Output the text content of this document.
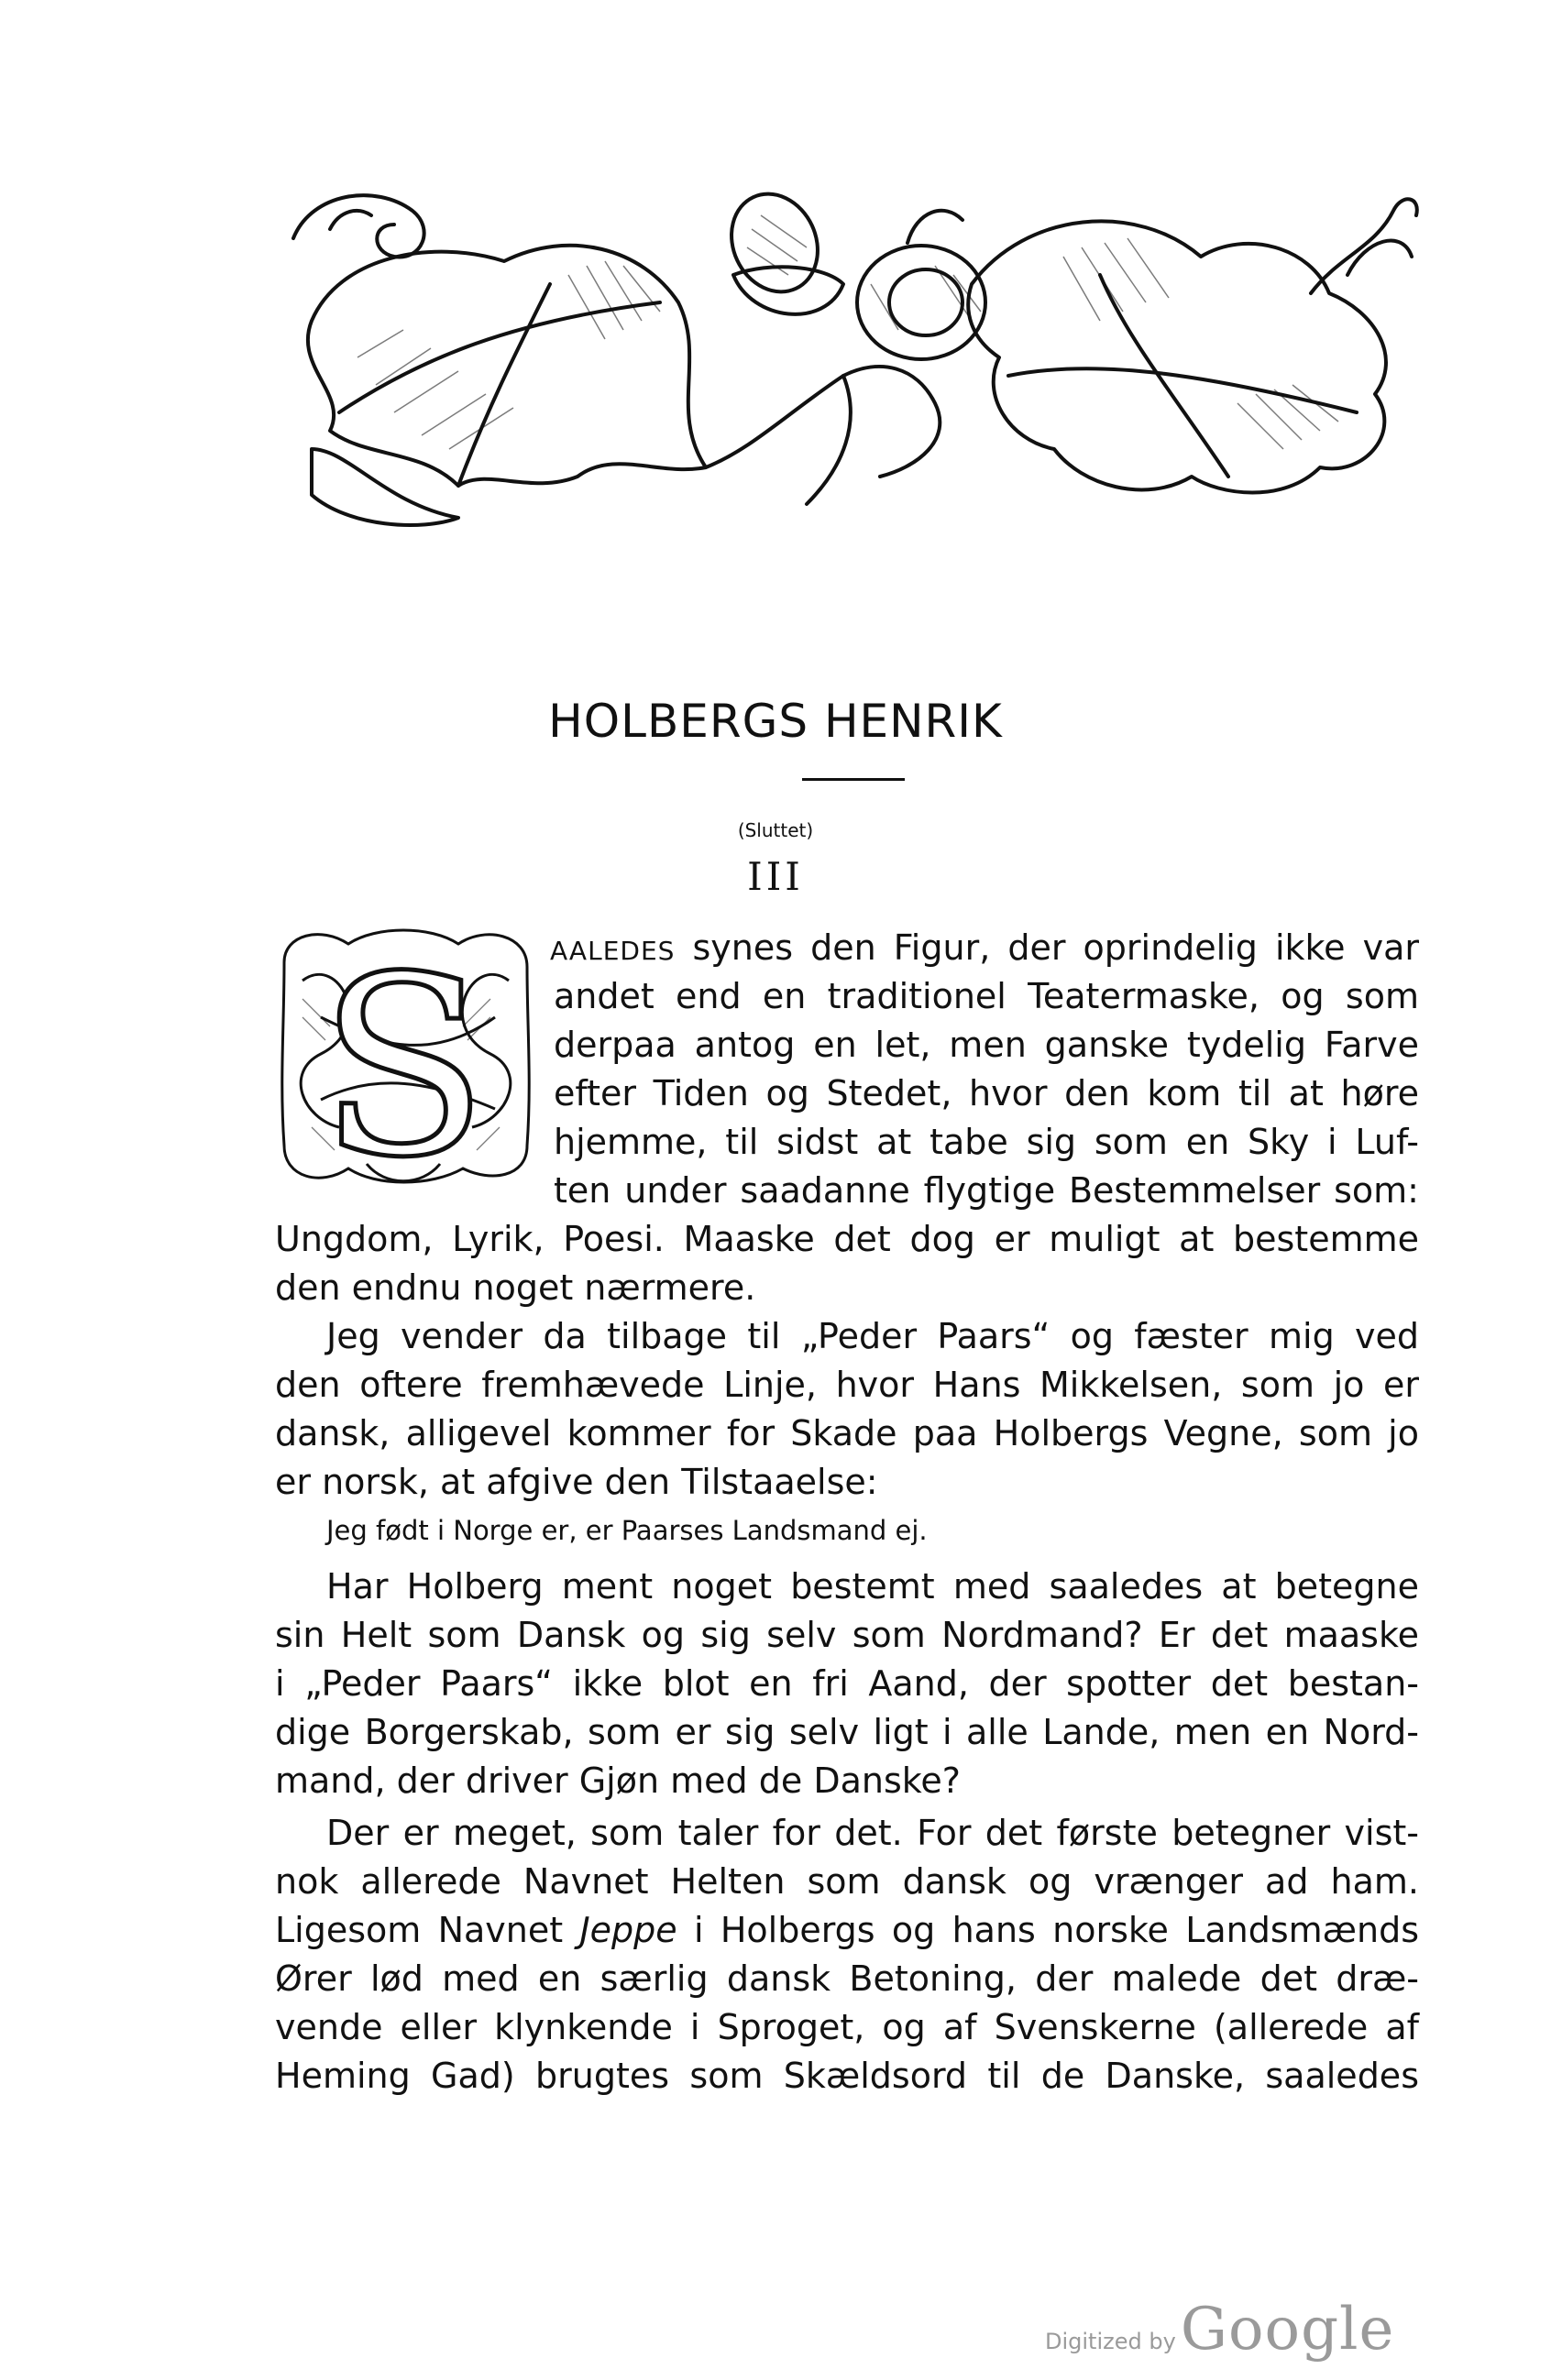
HOLBERGS HENRIK
(Sluttet)
III
S AALEDES synes den Figur, der oprindelig ikke var
andet end en traditionel Teatermaske, og som
derpaa antog en let, men ganske tydelig Farve
efter Tiden og Stedet, hvor den kom til at høre
hjemme, til sidst at tabe sig som en Sky i Luf-
ten under saadanne flygtige Bestemmelser som:
Ungdom, Lyrik, Poesi. Maaske det dog er muligt at bestemme
den endnu noget nærmere.
Jeg vender da tilbage til „Peder Paars“ og fæster mig ved
den oftere fremhævede Linje, hvor Hans Mikkelsen, som jo er
dansk, alligevel kommer for Skade paa Holbergs Vegne, som jo
er norsk, at afgive den Tilstaaelse:
Jeg født i Norge er, er Paarses Landsmand ej.
Har Holberg ment noget bestemt med saaledes at betegne
sin Helt som Dansk og sig selv som Nordmand? Er det maaske
i „Peder Paars“ ikke blot en fri Aand, der spotter det bestan-
dige Borgerskab, som er sig selv ligt i alle Lande, men en Nord-
mand, der driver Gjøn med de Danske?
Der er meget, som taler for det. For det første betegner vist-
nok allerede Navnet Helten som dansk og vrænger ad ham.
Ligesom Navnet Jeppe i Holbergs og hans norske Landsmænds
Ører lød med en særlig dansk Betoning, der malede det dræ-
vende eller klynkende i Sproget, og af Svenskerne (allerede af
Heming Gad) brugtes som Skældsord til de Danske, saaledes
Digitized by Google
